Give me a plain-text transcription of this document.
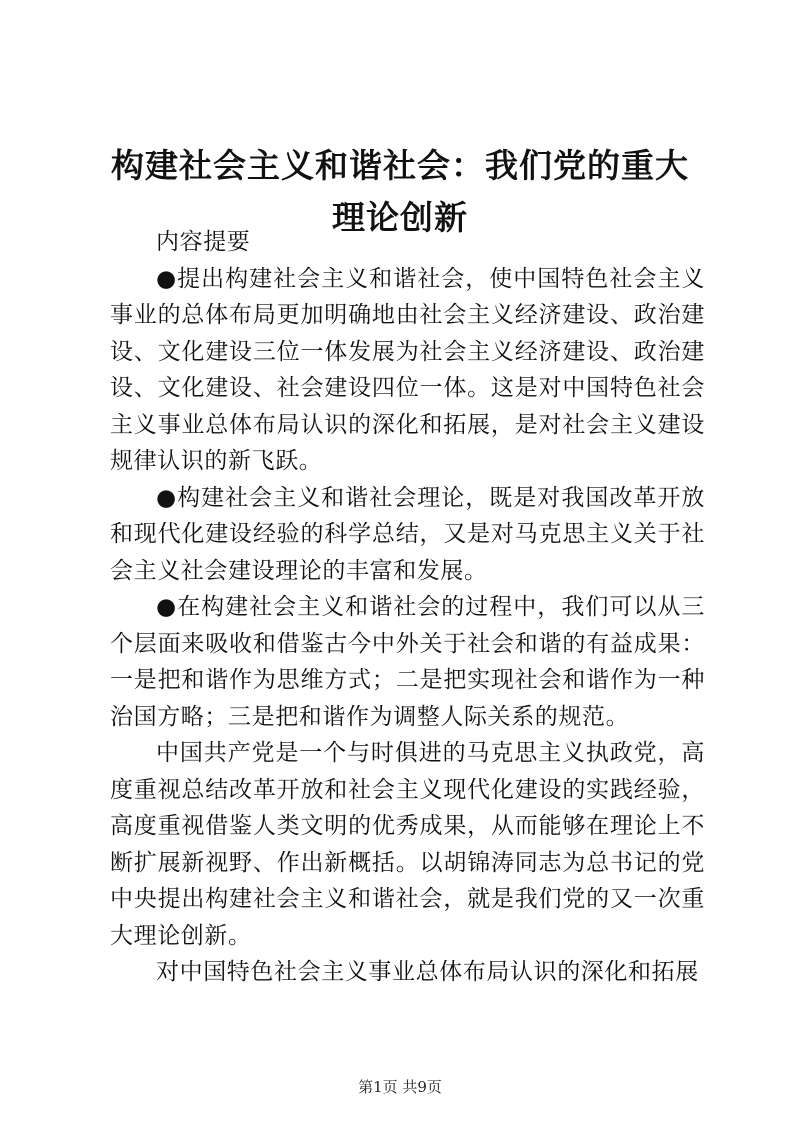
构建社会主义和谐社会：我们党的重大理论创新

内容提要

●提出构建社会主义和谐社会，使中国特色社会主义事业的总体布局更加明确地由社会主义经济建设、政治建设、文化建设三位一体发展为社会主义经济建设、政治建设、文化建设、社会建设四位一体。这是对中国特色社会主义事业总体布局认识的深化和拓展，是对社会主义建设规律认识的新飞跃。

●构建社会主义和谐社会理论，既是对我国改革开放和现代化建设经验的科学总结，又是对马克思主义关于社会主义社会建设理论的丰富和发展。

●在构建社会主义和谐社会的过程中，我们可以从三个层面来吸收和借鉴古今中外关于社会和谐的有益成果：一是把和谐作为思维方式；二是把实现社会和谐作为一种治国方略；三是把和谐作为调整人际关系的规范。

中国共产党是一个与时俱进的马克思主义执政党，高度重视总结改革开放和社会主义现代化建设的实践经验，高度重视借鉴人类文明的优秀成果，从而能够在理论上不断扩展新视野、作出新概括。以胡锦涛同志为总书记的党中央提出构建社会主义和谐社会，就是我们党的又一次重大理论创新。

对中国特色社会主义事业总体布局认识的深化和拓展

第1页 共9页
